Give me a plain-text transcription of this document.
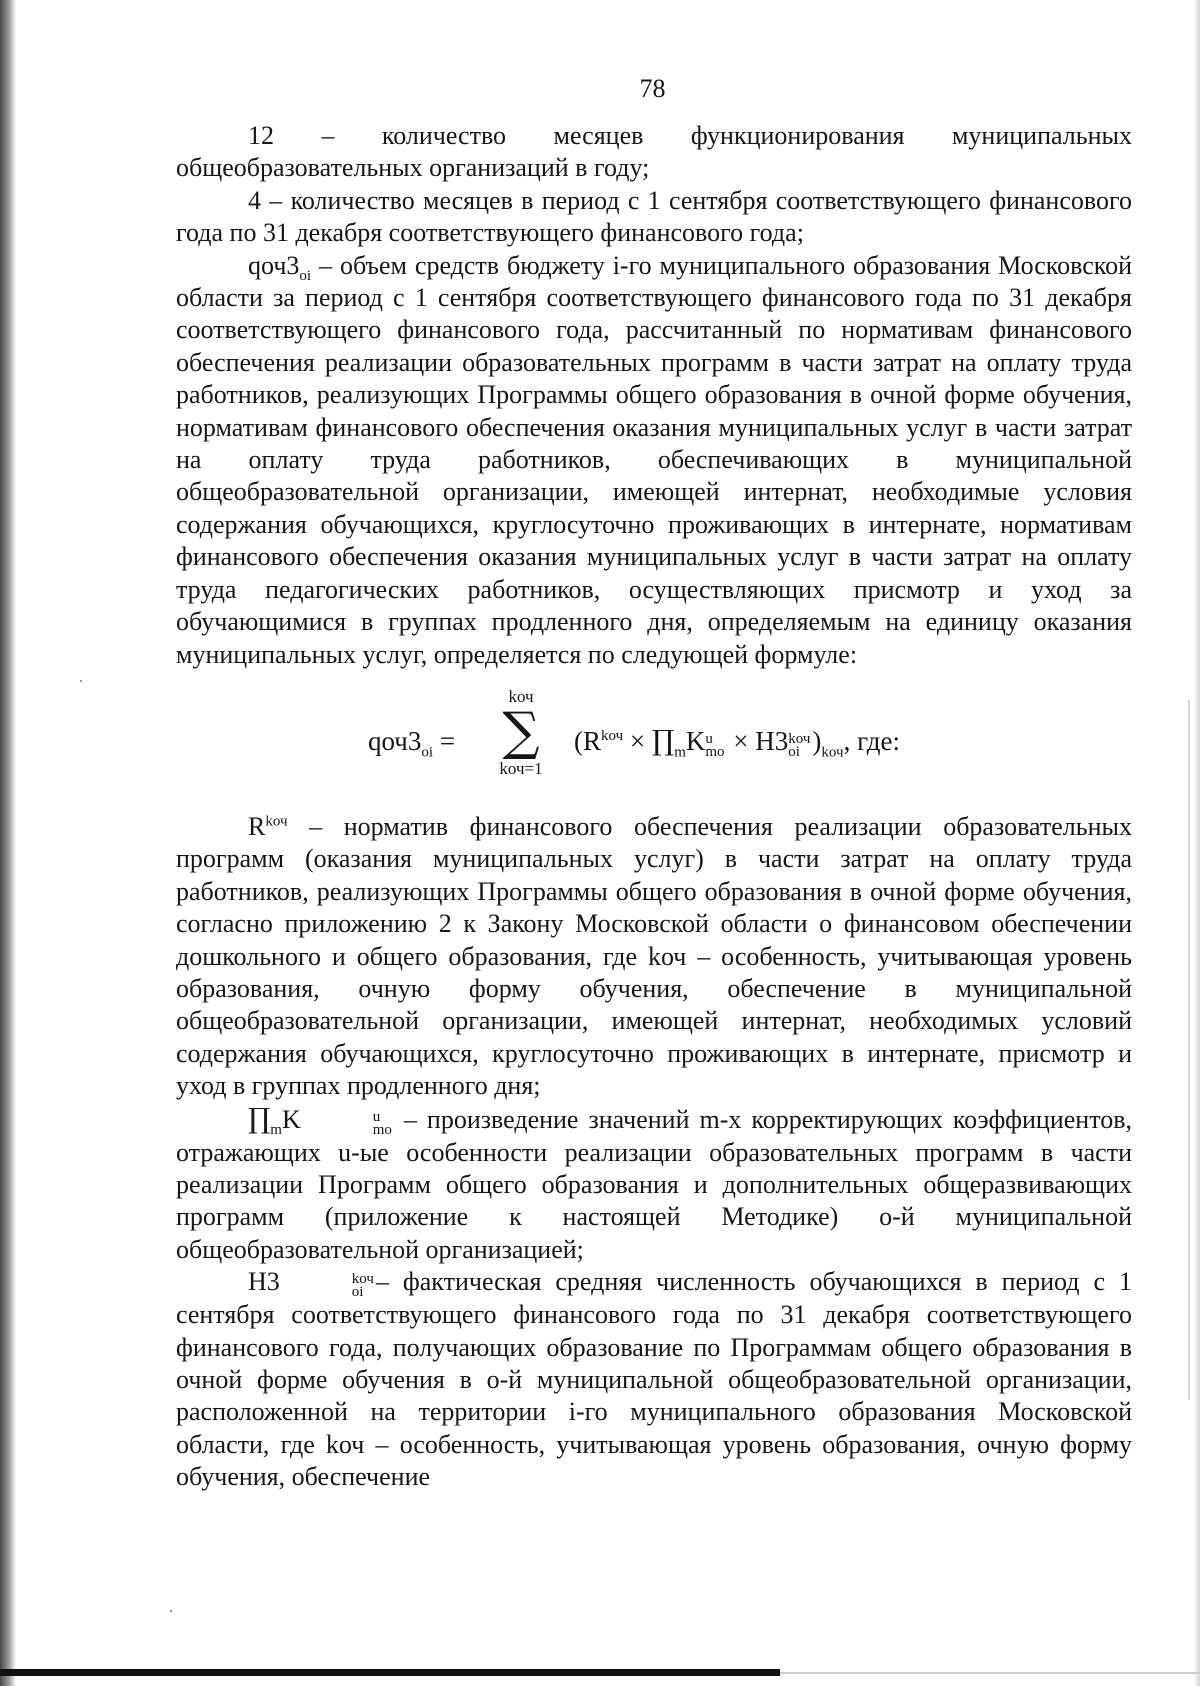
78

12 – количество месяцев функционирования муниципальных общеобразовательных организаций в году;

4 – количество месяцев в период с 1 сентября соответствующего финансового года по 31 декабря соответствующего финансового года;

$qоч3_{oi}$ – объем средств бюджету i-го муниципального образования Московской области за период с 1 сентября соответствующего финансового года по 31 декабря соответствующего финансового года, рассчитанный по нормативам финансового обеспечения реализации образовательных программ в части затрат на оплату труда работников, реализующих Программы общего образования в очной форме обучения, нормативам финансового обеспечения оказания муниципальных услуг в части затрат на оплату труда работников, обеспечивающих в муниципальной общеобразовательной организации, имеющей интернат, необходимые условия содержания обучающихся, круглосуточно проживающих в интернате, нормативам финансового обеспечения оказания муниципальных услуг в части затрат на оплату труда педагогических работников, осуществляющих присмотр и уход за обучающимися в группах продленного дня, определяемым на единицу оказания муниципальных услуг, определяется по следующей формуле:

$qоч3_{oi}$ =
kоч
∑
kоч=1
($R^{kоч}$ × $\prod_mK$ u
mo × Н3 kоч
oi )$_{kоч}$, где:

$R^{kоч}$ – норматив финансового обеспечения реализации образовательных программ (оказания муниципальных услуг) в части затрат на оплату труда работников, реализующих Программы общего образования в очной форме обучения, согласно приложению 2 к Закону Московской области о финансовом обеспечении дошкольного и общего образования, где kоч – особенность, учитывающая уровень образования, очную форму обучения, обеспечение в муниципальной общеобразовательной организации, имеющей интернат, необходимых условий содержания обучающихся, круглосуточно проживающих в интернате, присмотр и уход в группах продленного дня;

$\prod_mK$	u
mo – произведение значений m-х корректирующих коэффициентов, отражающих u-ые особенности реализации образовательных программ в части реализации Программ общего образования и дополнительных общеразвивающих программ (приложение к настоящей Методике) о-й муниципальной общеобразовательной организацией;

Н3	kоч
oi – фактическая средняя численность обучающихся в период с 1 сентября соответствующего финансового года по 31 декабря соответствующего финансового года, получающих образование по Программам общего образования в очной форме обучения в о-й муниципальной общеобразовательной организации, расположенной на территории i-го муниципального образования Московской области, где kоч – особенность, учитывающая уровень образования, очную форму обучения, обеспечение
